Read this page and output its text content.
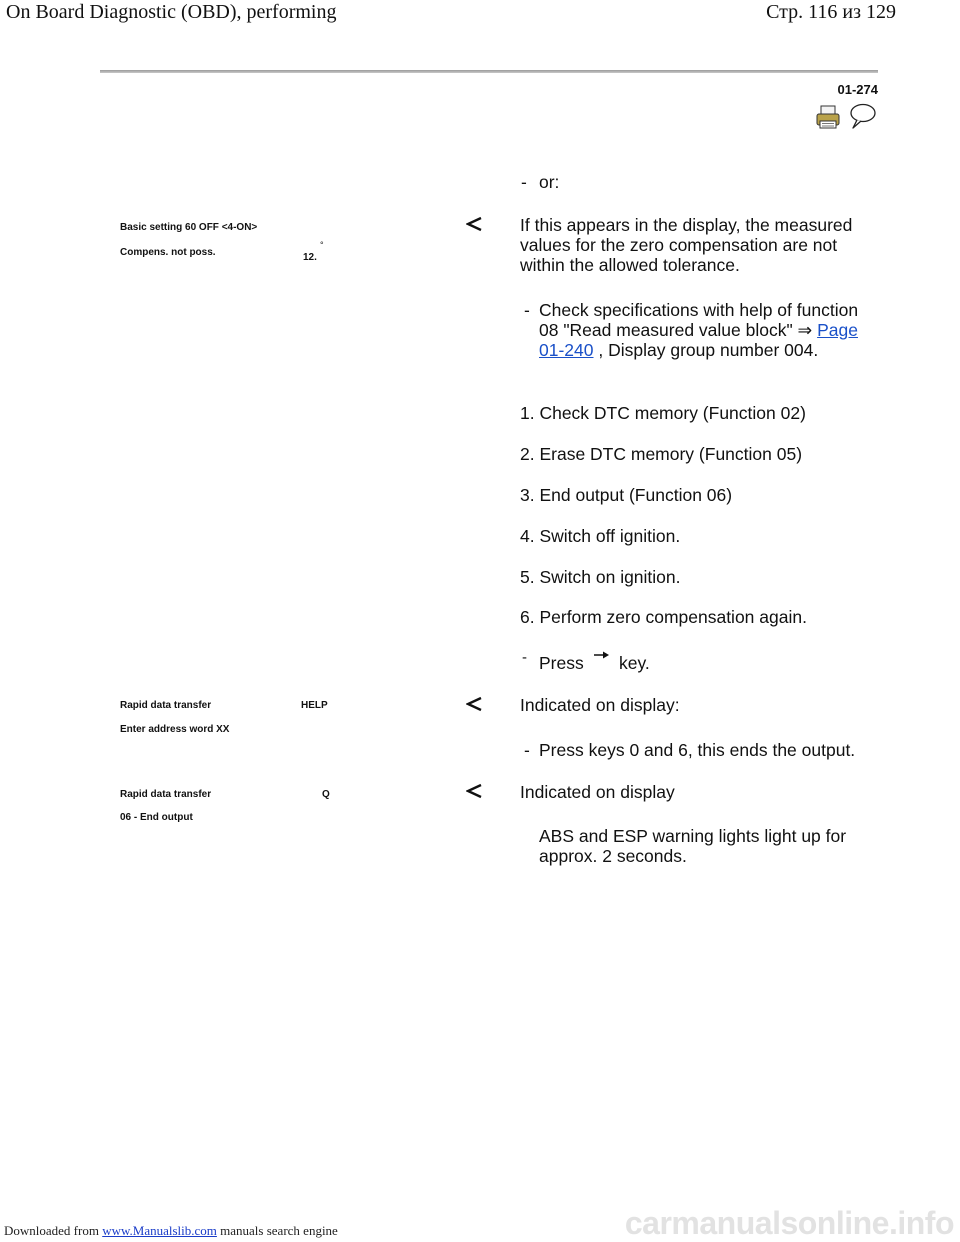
On Board Diagnostic (OBD), performing	Стр. 116 из 129
01-274
- or:
Basic setting 60 OFF <4-ON>
Compens. not poss.	12.
°
If this appears in the display, the measured values for the zero compensation are not within the allowed tolerance.
- Check specifications with help of function 08 "Read measured value block" ⇒ Page 01-240 , Display group number 004.
1. Check DTC memory (Function 02)
2. Erase DTC memory (Function 05)
3. End output (Function 06)
4. Switch off ignition.
5. Switch on ignition.
6. Perform zero compensation again.
- Press key.
Rapid data transfer	HELP
Enter address word XX
Indicated on display:
- Press keys 0 and 6, this ends the output.
Rapid data transfer	Q
06 - End output
Indicated on display
ABS and ESP warning lights light up for approx. 2 seconds.
Downloaded from www.Manualslib.com manuals search engine	carmanualsonline.info
